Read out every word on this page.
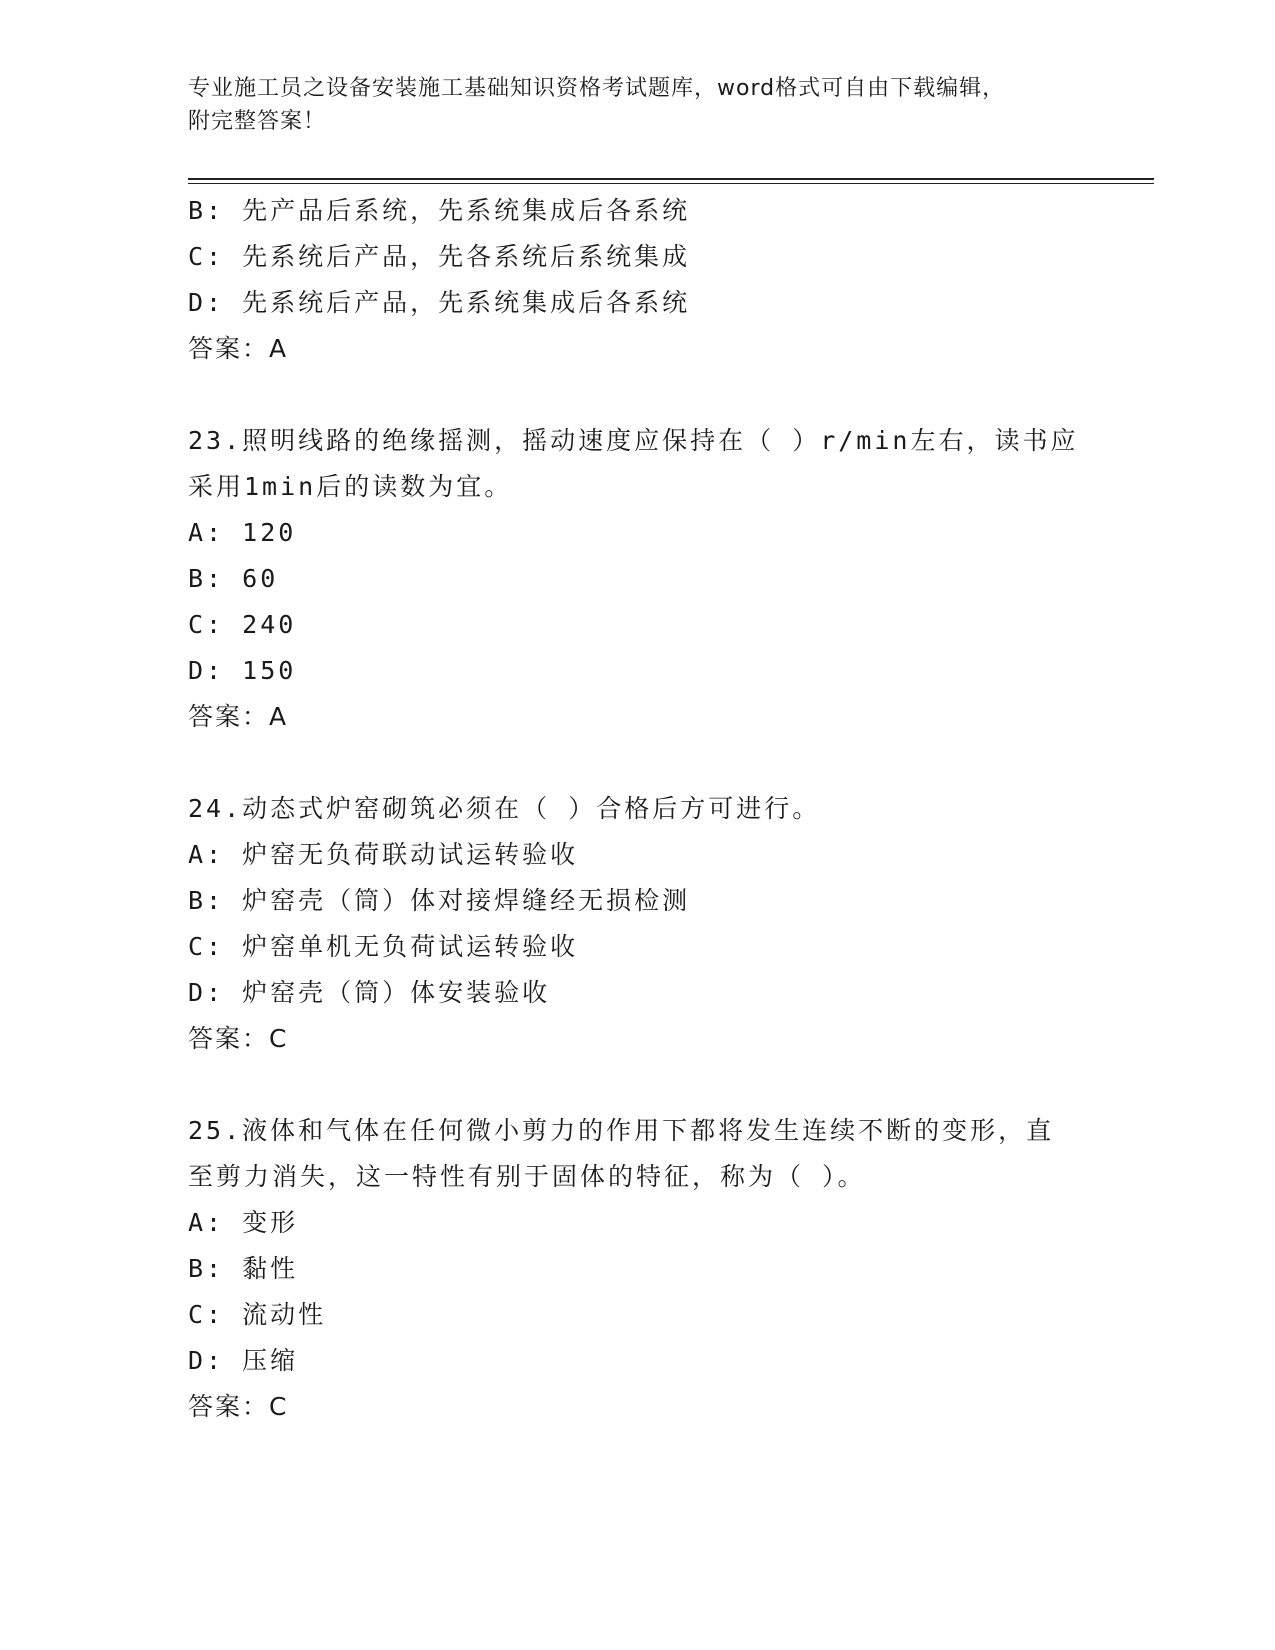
专业施工员之设备安装施工基础知识资格考试题库，word格式可自由下载编辑，
附完整答案！
B: 先产品后系统，先系统集成后各系统
C: 先系统后产品，先各系统后系统集成
D: 先系统后产品，先系统集成后各系统
答案：A
23.照明线路的绝缘摇测，摇动速度应保持在（ ）r/min左右，读书应
采用1min后的读数为宜。
A: 120
B: 60
C: 240
D: 150
答案：A
24.动态式炉窑砌筑必须在（ ）合格后方可进行。
A: 炉窑无负荷联动试运转验收
B: 炉窑壳（筒）体对接焊缝经无损检测
C: 炉窑单机无负荷试运转验收
D: 炉窑壳（筒）体安装验收
答案：C
25.液体和气体在任何微小剪力的作用下都将发生连续不断的变形，直
至剪力消失，这一特性有别于固体的特征，称为（ ）。
A: 变形
B: 黏性
C: 流动性
D: 压缩
答案：C
